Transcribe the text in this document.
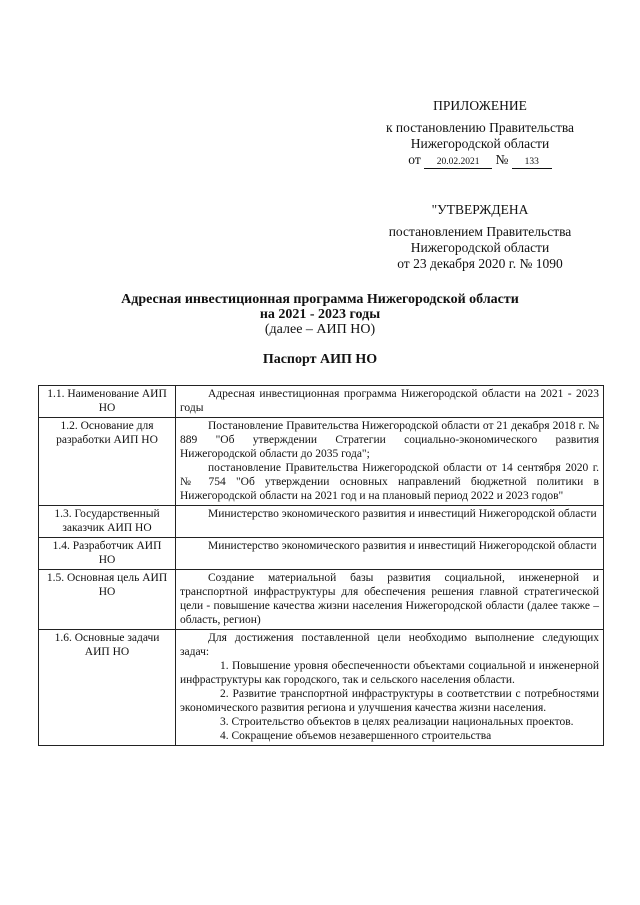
ПРИЛОЖЕНИЕ
к постановлению Правительства
Нижегородской области
от 20.02.2021 № 133
"УТВЕРЖДЕНА
постановлением Правительства
Нижегородской области
от 23 декабря 2020 г. № 1090
Адресная инвестиционная программа Нижегородской области
на 2021 - 2023 годы
(далее – АИП НО)
Паспорт АИП НО
1.1. Наименование АИП НО	Адресная инвестиционная программа Нижегородской области на 2021 - 2023 годы

1.2. Основание для разработки АИП НО	Постановление Правительства Нижегородской области от 21 декабря 2018 г. № 889 "Об утверждении Стратегии социально-экономического развития Нижегородской области до 2035 года";

постановление Правительства Нижегородской области от 14 сентября 2020 г. № 754 "Об утверждении основных направлений бюджетной политики в Нижегородской области на 2021 год и на плановый период 2022 и 2023 годов"

1.3. Государственный заказчик АИП НО	Министерство экономического развития и инвестиций Нижегородской области

1.4. Разработчик АИП НО	Министерство экономического развития и инвестиций Нижегородской области

1.5. Основная цель АИП НО	Создание материальной базы развития социальной, инженерной и транспортной инфраструктуры для обеспечения решения главной стратегической цели - повышение качества жизни населения Нижегородской области (далее также – область, регион)

1.6. Основные задачи АИП НО	Для достижения поставленной цели необходимо выполнение следующих задач:

1. Повышение уровня обеспеченности объектами социальной и инженерной инфраструктуры как городского, так и сельского населения области.

2. Развитие транспортной инфраструктуры в соответствии с потребностями экономического развития региона и улучшения качества жизни населения.

3. Строительство объектов в целях реализации национальных проектов.

4. Сокращение объемов незавершенного строительства
